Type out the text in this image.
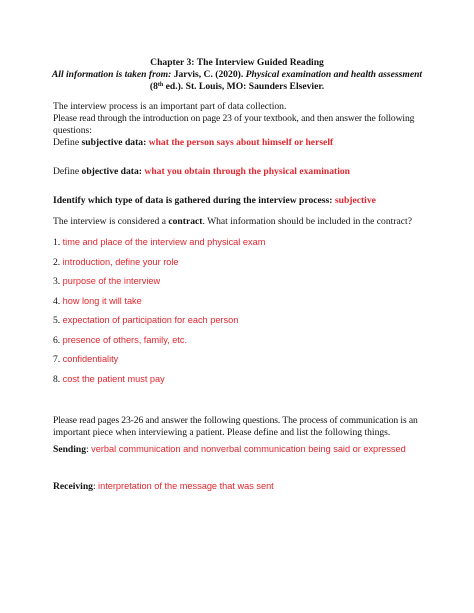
Chapter 3: The Interview Guided Reading
All information is taken from: Jarvis, C. (2020). Physical examination and health assessment
(8th ed.). St. Louis, MO: Saunders Elsevier.
The interview process is an important part of data collection.
Please read through the introduction on page 23 of your textbook, and then answer the following
questions:
Define subjective data: what the person says about himself or herself
Define objective data: what you obtain through the physical examination
Identify which type of data is gathered during the interview process: subjective
The interview is considered a contract. What information should be included in the contract?
1. time and place of the interview and physical exam
2. introduction, define your role
3. purpose of the interview
4. how long it will take
5. expectation of participation for each person
6. presence of others, family, etc.
7. confidentiality
8. cost the patient must pay
Please read pages 23-26 and answer the following questions. The process of communication is an
important piece when interviewing a patient. Please define and list the following things.
Sending: verbal communication and nonverbal communication being said or expressed
Receiving: interpretation of the message that was sent
